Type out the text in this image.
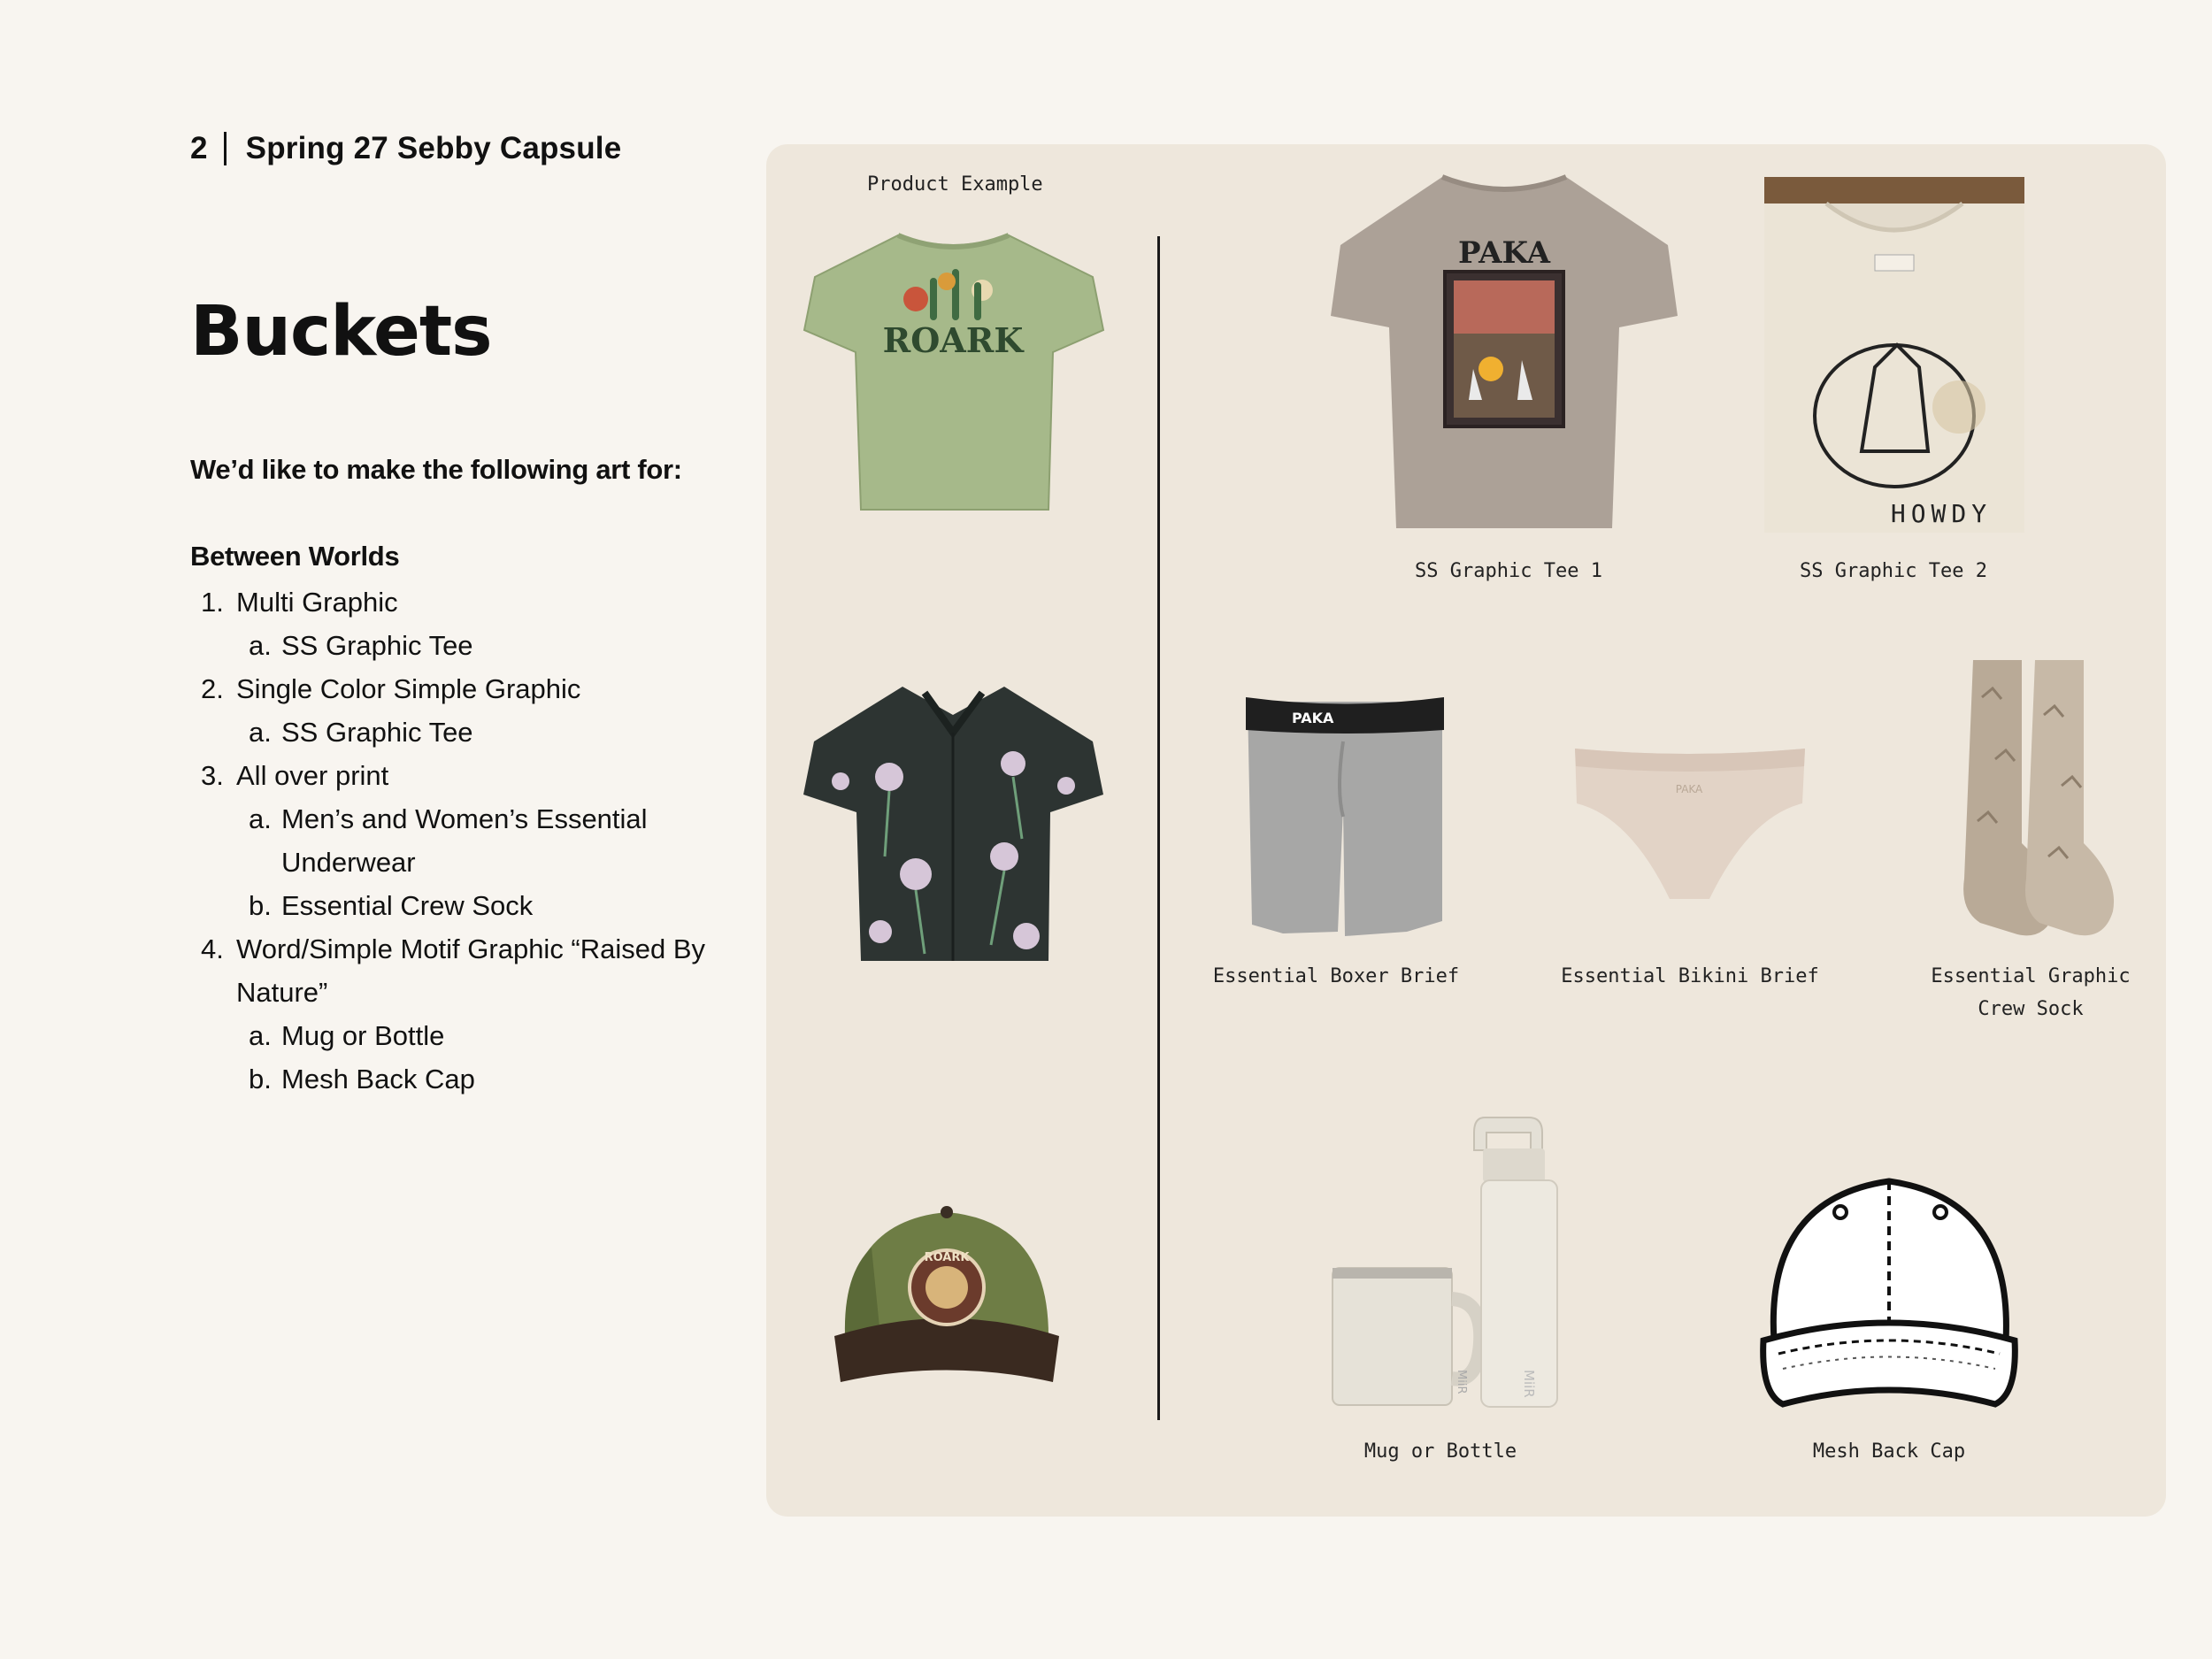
2 Spring 27 Sebby Capsule
Buckets
We’d like to make the following art for:
Between Worlds
1. Multi Graphic
a. SS Graphic Tee
2. Single Color Simple Graphic
a. SS Graphic Tee
3. All over print
a. Men’s and Women’s Essential Underwear
b. Essential Crew Sock
4. Word/Simple Motif Graphic “Raised By Nature”
a. Mug or Bottle
b. Mesh Back Cap
Product Example
ROARK
ROARK
PAKA
SS Graphic Tee 1
HOWDY
SS Graphic Tee 2
PAKA
Essential Boxer Brief
PAKA
Essential Bikini Brief	Essential Graphic Crew Sock
MiiR	MiiR
Mug or Bottle	Mesh Back Cap
